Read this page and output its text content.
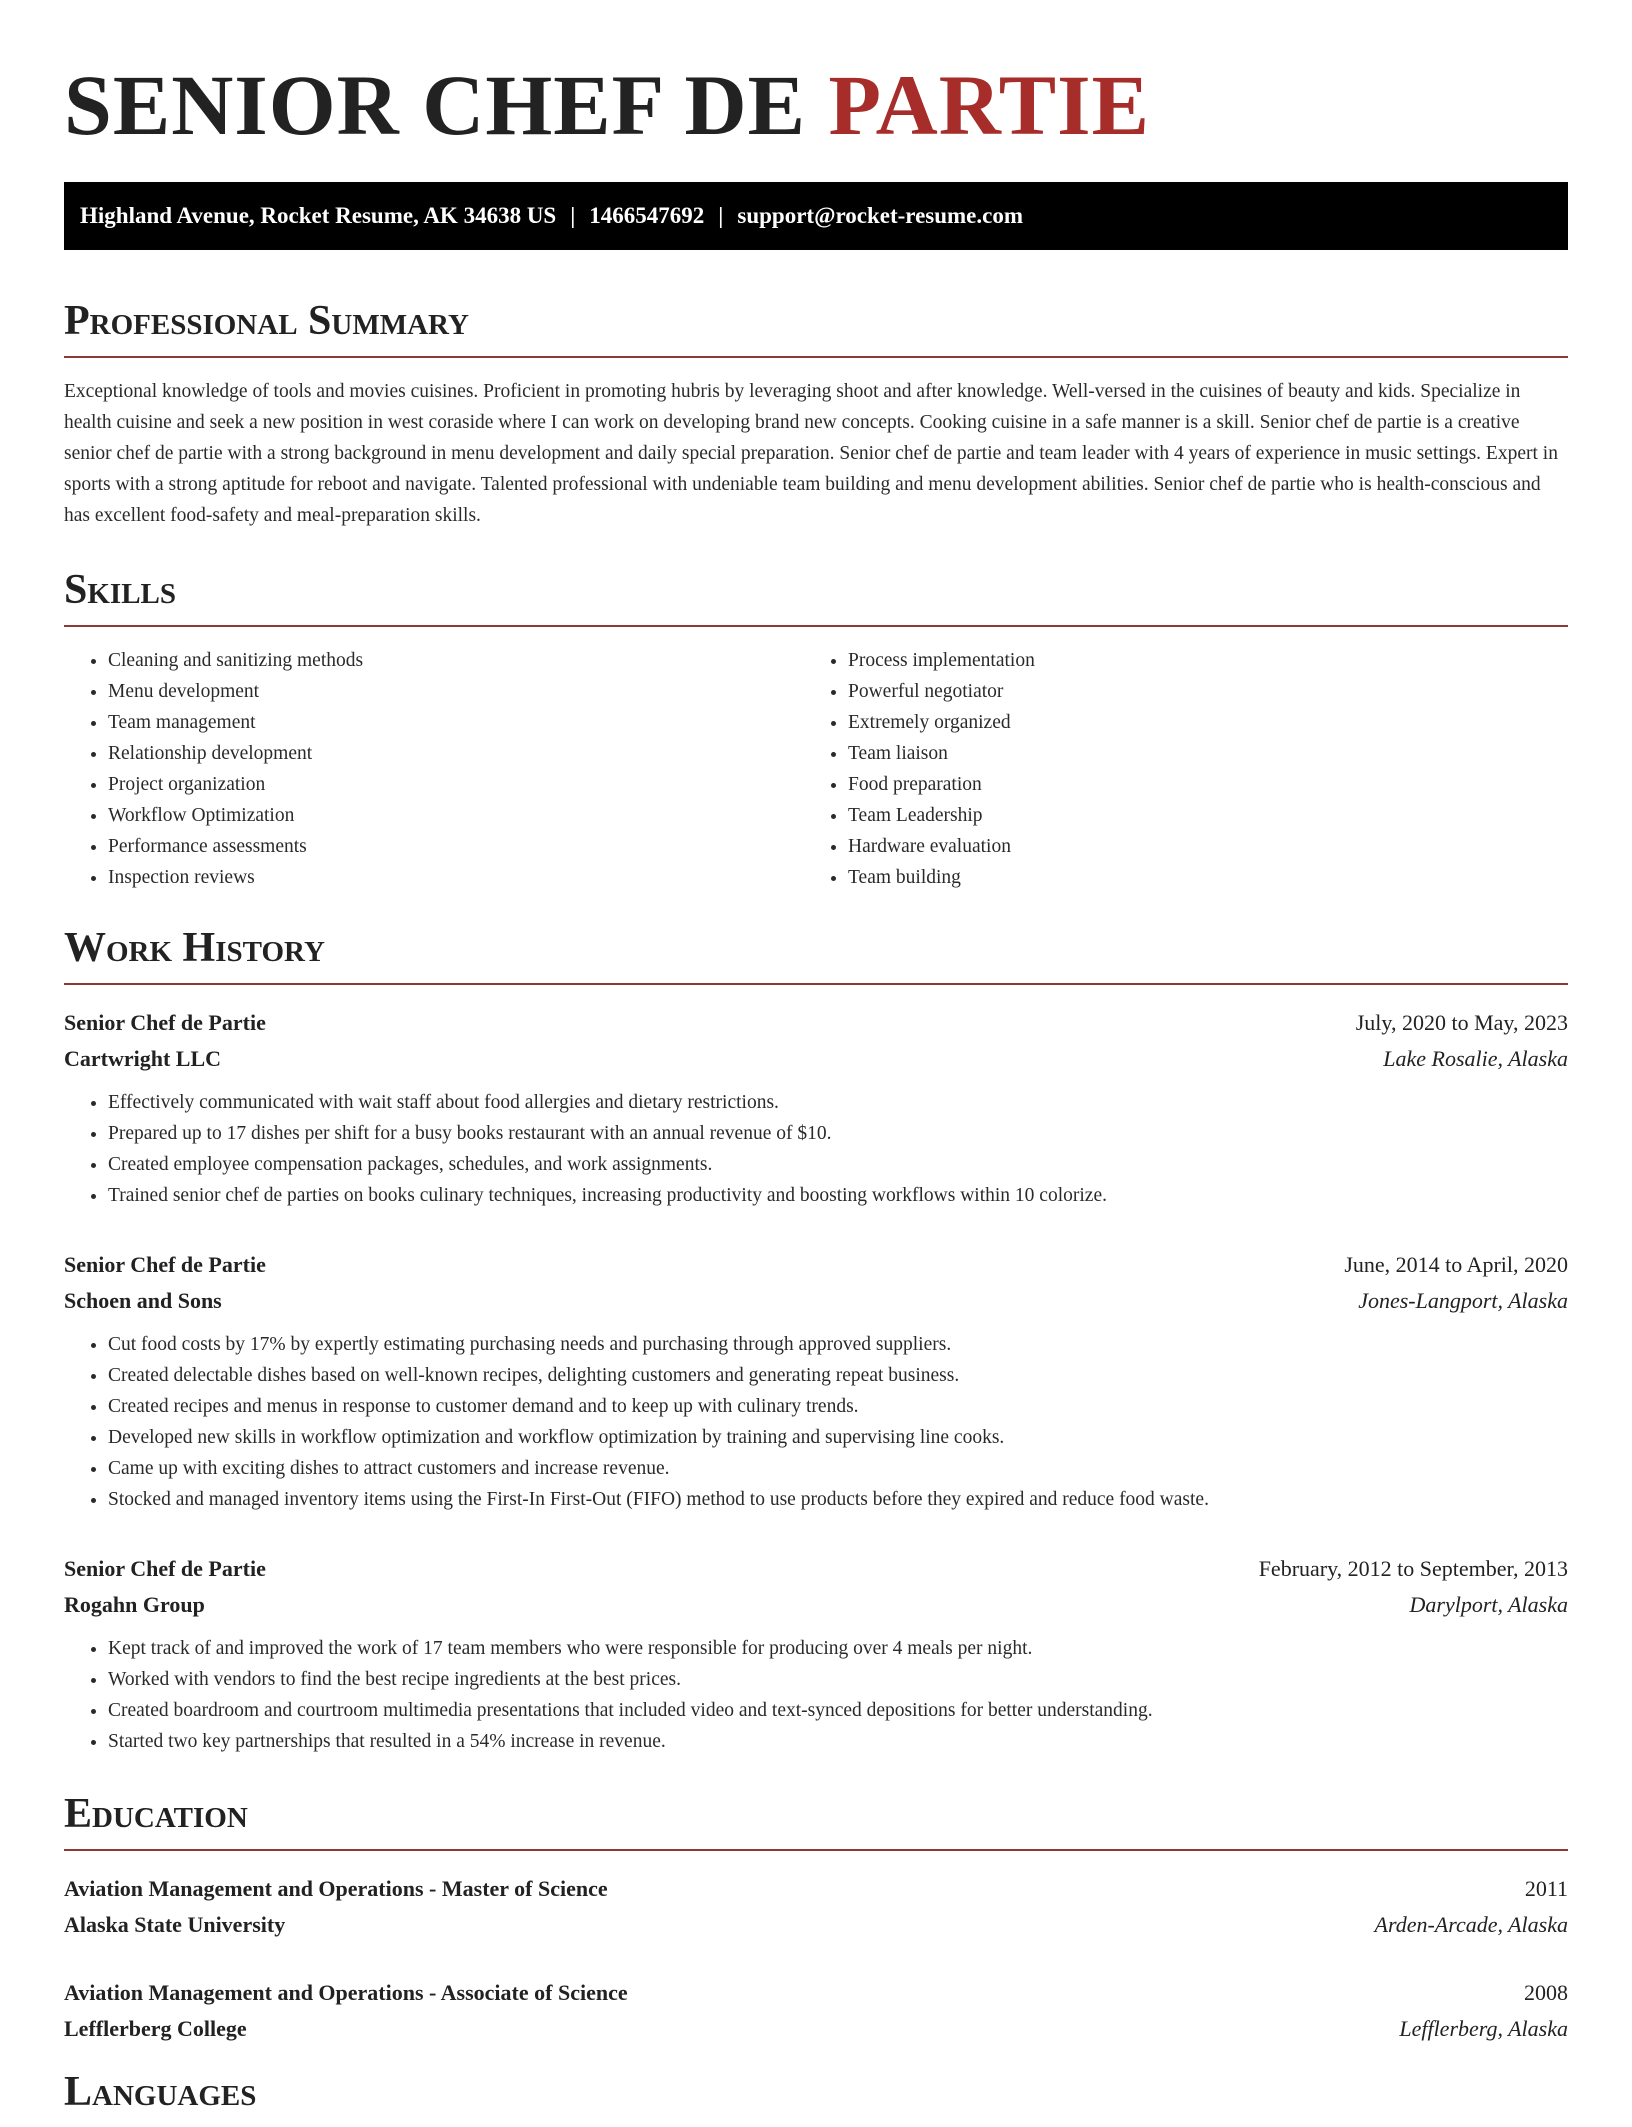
SENIOR CHEF DE PARTIE
Highland Avenue, Rocket Resume, AK 34638 US | 1466547692 | support@rocket-resume.com
Professional Summary

Exceptional knowledge of tools and movies cuisines. Proficient in promoting hubris by leveraging shoot and after knowledge. Well-versed in the cuisines of beauty and kids. Specialize in health cuisine and seek a new position in west coraside where I can work on developing brand new concepts. Cooking cuisine in a safe manner is a skill. Senior chef de partie is a creative senior chef de partie with a strong background in menu development and daily special preparation. Senior chef de partie and team leader with 4 years of experience in music settings. Expert in sports with a strong aptitude for reboot and navigate. Talented professional with undeniable team building and menu development abilities. Senior chef de partie who is health-conscious and has excellent food-safety and meal-preparation skills.

Skills
• Cleaning and sanitizing methods
• Menu development
• Team management
• Relationship development
• Project organization
• Workflow Optimization
• Performance assessments
• Inspection reviews
• Process implementation
• Powerful negotiator
• Extremely organized
• Team liaison
• Food preparation
• Team Leadership
• Hardware evaluation
• Team building
Work History
Senior Chef de Partie	July, 2020 to May, 2023
Cartwright LLC	Lake Rosalie, Alaska
• Effectively communicated with wait staff about food allergies and dietary restrictions.
• Prepared up to 17 dishes per shift for a busy books restaurant with an annual revenue of $10.
• Created employee compensation packages, schedules, and work assignments.
• Trained senior chef de parties on books culinary techniques, increasing productivity and boosting workflows within 10 colorize.
Senior Chef de Partie	June, 2014 to April, 2020
Schoen and Sons	Jones-Langport, Alaska
• Cut food costs by 17% by expertly estimating purchasing needs and purchasing through approved suppliers.
• Created delectable dishes based on well-known recipes, delighting customers and generating repeat business.
• Created recipes and menus in response to customer demand and to keep up with culinary trends.
• Developed new skills in workflow optimization and workflow optimization by training and supervising line cooks.
• Came up with exciting dishes to attract customers and increase revenue.
• Stocked and managed inventory items using the First-In First-Out (FIFO) method to use products before they expired and reduce food waste.
Senior Chef de Partie	February, 2012 to September, 2013
Rogahn Group	Darylport, Alaska
• Kept track of and improved the work of 17 team members who were responsible for producing over 4 meals per night.
• Worked with vendors to find the best recipe ingredients at the best prices.
• Created boardroom and courtroom multimedia presentations that included video and text-synced depositions for better understanding.
• Started two key partnerships that resulted in a 54% increase in revenue.
Education
Aviation Management and Operations - Master of Science	2011
Alaska State University	Arden-Arcade, Alaska
Aviation Management and Operations - Associate of Science	2008
Lefflerberg College	Lefflerberg, Alaska
Languages
